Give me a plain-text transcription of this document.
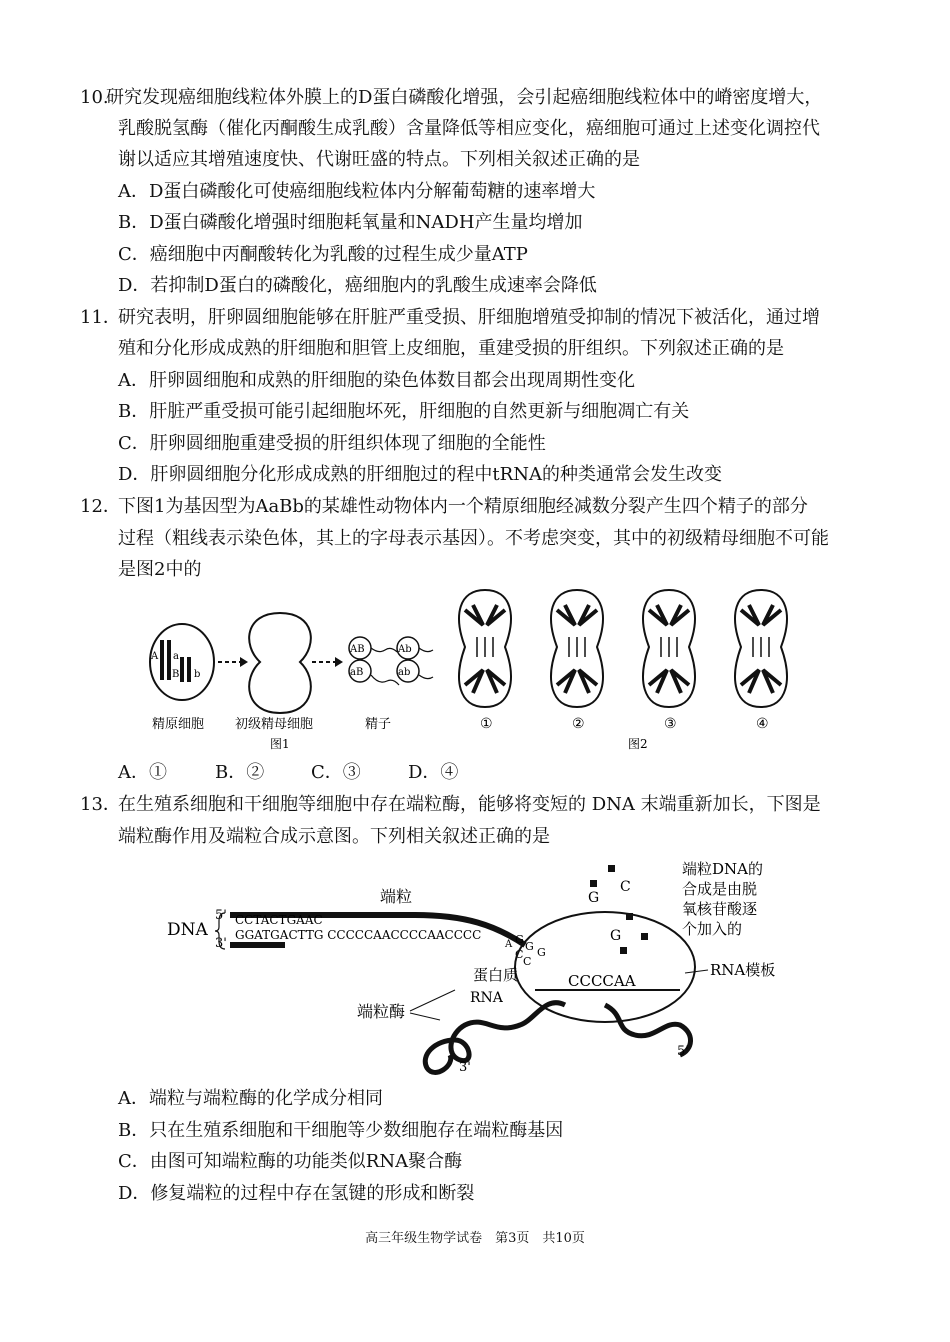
10.
研究发现癌细胞线粒体外膜上的D蛋白磷酸化增强，会引起癌细胞线粒体中的嵴密度增大，
乳酸脱氢酶（催化丙酮酸生成乳酸）含量降低等相应变化，癌细胞可通过上述变化调控代
谢以适应其增殖速度快、代谢旺盛的特点。下列相关叙述正确的是
A．D蛋白磷酸化可使癌细胞线粒体内分解葡萄糖的速率增大
B．D蛋白磷酸化增强时细胞耗氧量和NADH产生量均增加
C．癌细胞中丙酮酸转化为乳酸的过程生成少量ATP
D．若抑制D蛋白的磷酸化，癌细胞内的乳酸生成速率会降低
11．
研究表明，肝卵圆细胞能够在肝脏严重受损、肝细胞增殖受抑制的情况下被活化，通过增
殖和分化形成成熟的肝细胞和胆管上皮细胞，重建受损的肝组织。下列叙述正确的是
A．肝卵圆细胞和成熟的肝细胞的染色体数目都会出现周期性变化
B．肝脏严重受损可能引起细胞坏死，肝细胞的自然更新与细胞凋亡有关
C．肝卵圆细胞重建受损的肝组织体现了细胞的全能性
D．肝卵圆细胞分化形成成熟的肝细胞过的程中tRNA的种类通常会发生改变
12．
下图1为基因型为AaBb的某雄性动物体内一个精原细胞经减数分裂产生四个精子的部分
过程（粗线表示染色体，其上的字母表示基因）。不考虑突变，其中的初级精母细胞不可能
是图2中的
A a
B b
AB	Ab
aB	ab
精原细胞 初级精母细胞	精子	①	②	③	④
图1	图2
A．①	B．②	C．③	D．④
13．
在生殖系细胞和干细胞等细胞中存在端粒酶，能够将变短的 DNA 末端重新加长，下图是
端粒酶作用及端粒合成示意图。下列相关叙述正确的是
DNA
5'
3'
CCTACTGAAC
GGATGACTTG CCCCCAACCCCAACCCC
A G
G G
C
C
端粒
CCCCAA
RNA模板
C
G
G
端粒DNA的
合成是由脱
氧核苷酸逐
个加入的
蛋白质
RNA
端粒酶
3'
5'
A．端粒与端粒酶的化学成分相同
B．只在生殖系细胞和干细胞等少数细胞存在端粒酶基因
C．由图可知端粒酶的功能类似RNA聚合酶
D．修复端粒的过程中存在氢键的形成和断裂
高三年级生物学试卷　第3页　共10页
